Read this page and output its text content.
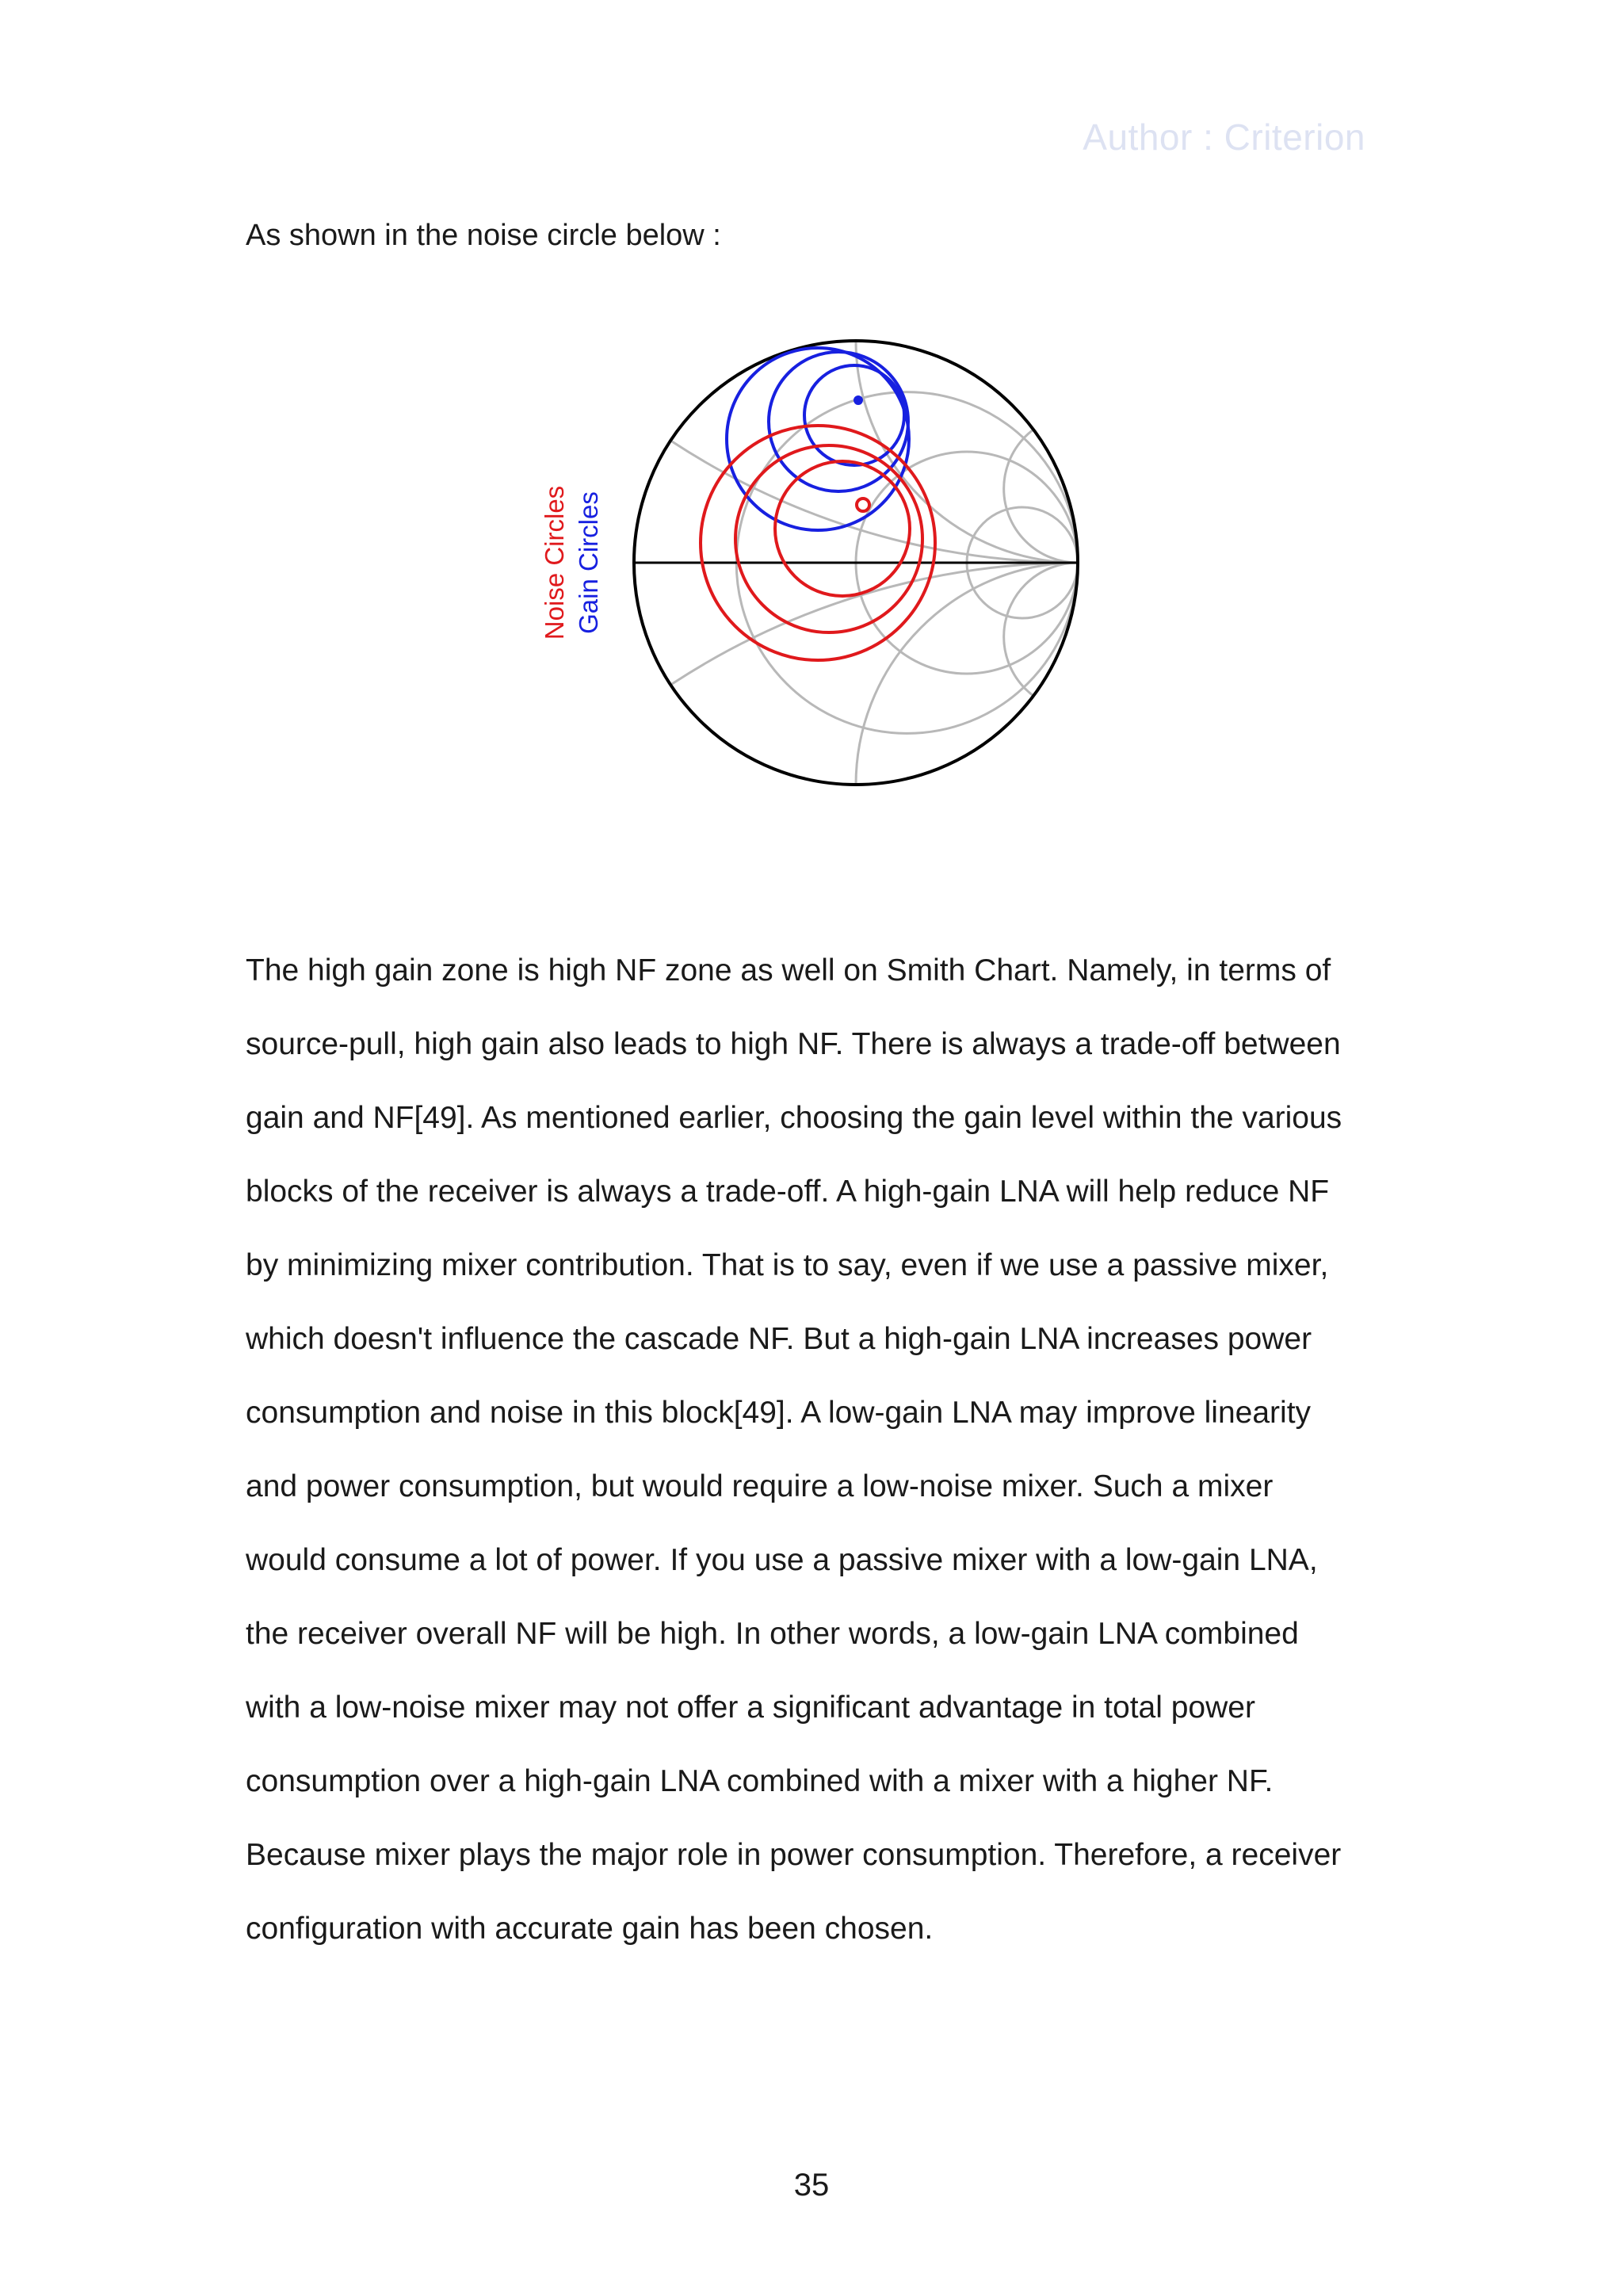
Author : Criterion
As shown in the noise circle below :
Noise Circles Gain Circles
The high gain zone is high NF zone as well on Smith Chart. Namely, in terms of
source-pull, high gain also leads to high NF. There is always a trade-off between
gain and NF[49]. As mentioned earlier, choosing the gain level within the various
blocks of the receiver is always a trade-off. A high-gain LNA will help reduce NF
by minimizing mixer contribution. That is to say, even if we use a passive mixer,
which doesn't influence the cascade NF. But a high-gain LNA increases power
consumption and noise in this block[49]. A low-gain LNA may improve linearity
and power consumption, but would require a low-noise mixer. Such a mixer
would consume a lot of power. If you use a passive mixer with a low-gain LNA,
the receiver overall NF will be high. In other words, a low-gain LNA combined
with a low-noise mixer may not offer a significant advantage in total power
consumption over a high-gain LNA combined with a mixer with a higher NF.
Because mixer plays the major role in power consumption. Therefore, a receiver
configuration with accurate gain has been chosen.
35
